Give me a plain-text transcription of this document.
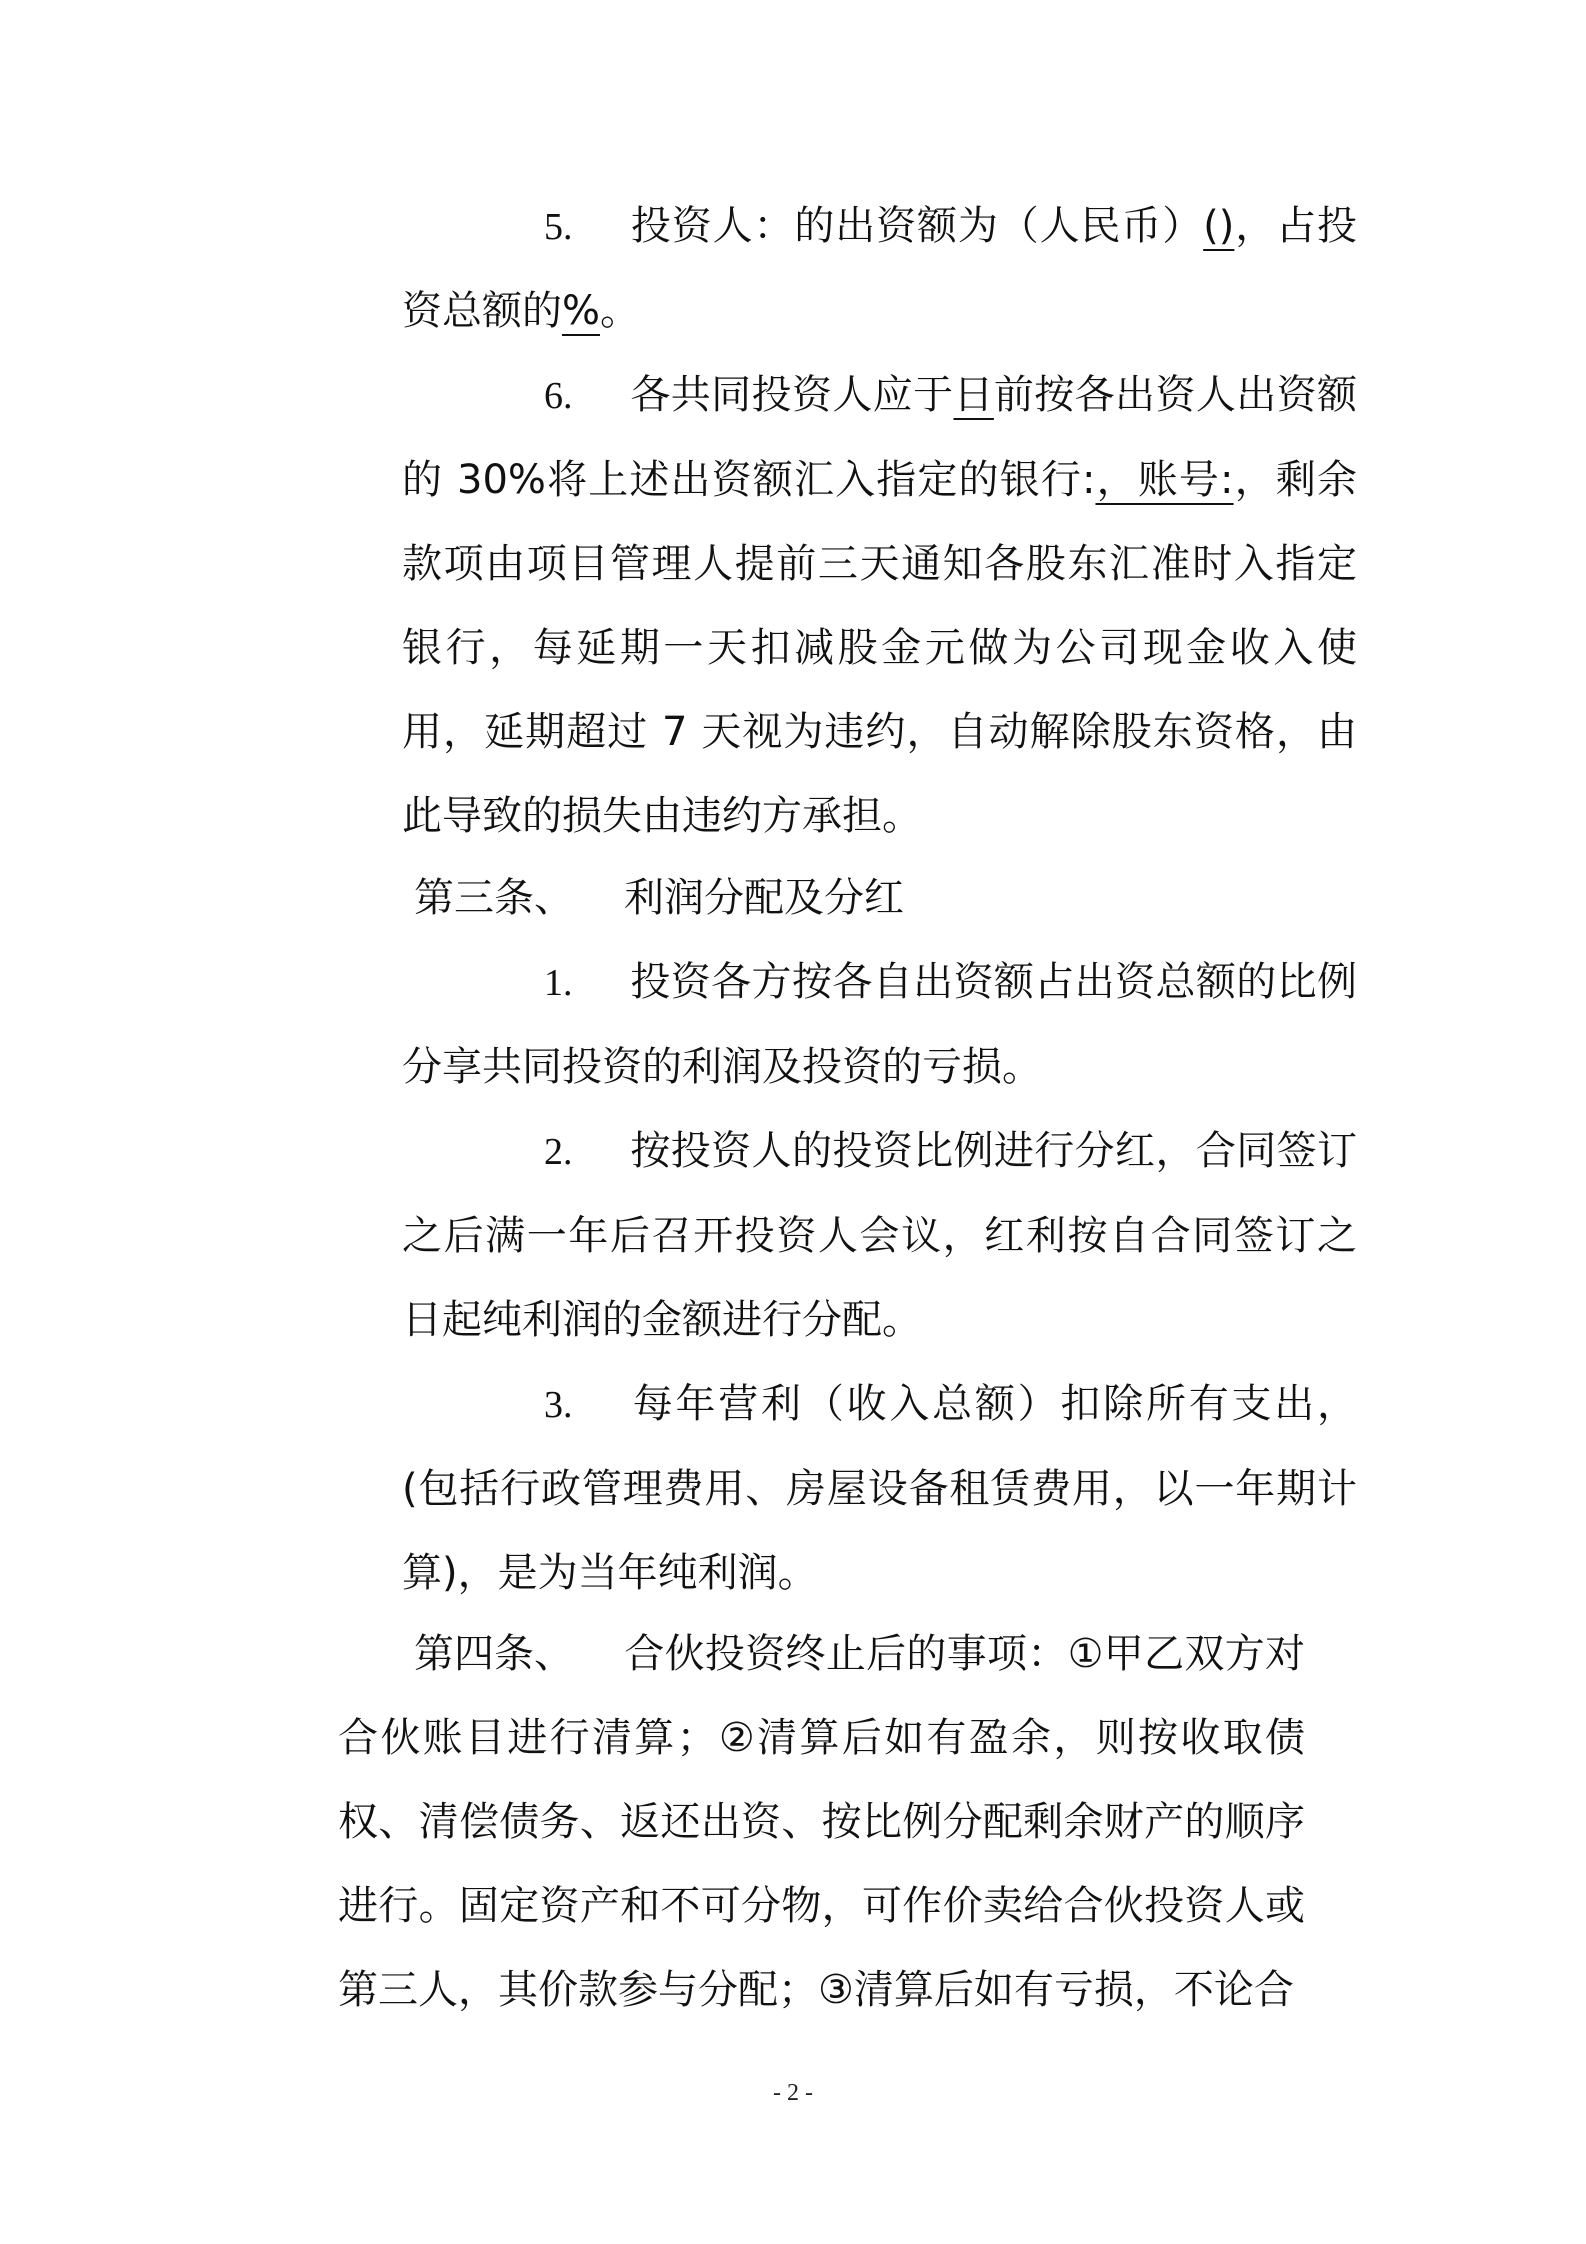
5. 投资人：的出资额为（人民币）()，占投资总额的%。

6. 各共同投资人应于日前按各出资人出资额的 30%将上述出资额汇入指定的银行:，账号:，剩余款项由项目管理人提前三天通知各股东汇准时入指定银行，每延期一天扣减股金元做为公司现金收入使用，延期超过 7 天视为违约，自动解除股东资格，由此导致的损失由违约方承担。

第三条、 利润分配及分红

1. 投资各方按各自出资额占出资总额的比例分享共同投资的利润及投资的亏损。

2. 按投资人的投资比例进行分红，合同签订之后满一年后召开投资人会议，红利按自合同签订之日起纯利润的金额进行分配。

3. 每年营利（收入总额）扣除所有支出，(包括行政管理费用、房屋设备租赁费用，以一年期计算)，是为当年纯利润。

第四条、 合伙投资终止后的事项：①甲乙双方对合伙账目进行清算；②清算后如有盈余，则按收取债权、清偿债务、返还出资、按比例分配剩余财产的顺序进行。固定资产和不可分物，可作价卖给合伙投资人或第三人，其价款参与分配；③清算后如有亏损，不论合

- 2 -
